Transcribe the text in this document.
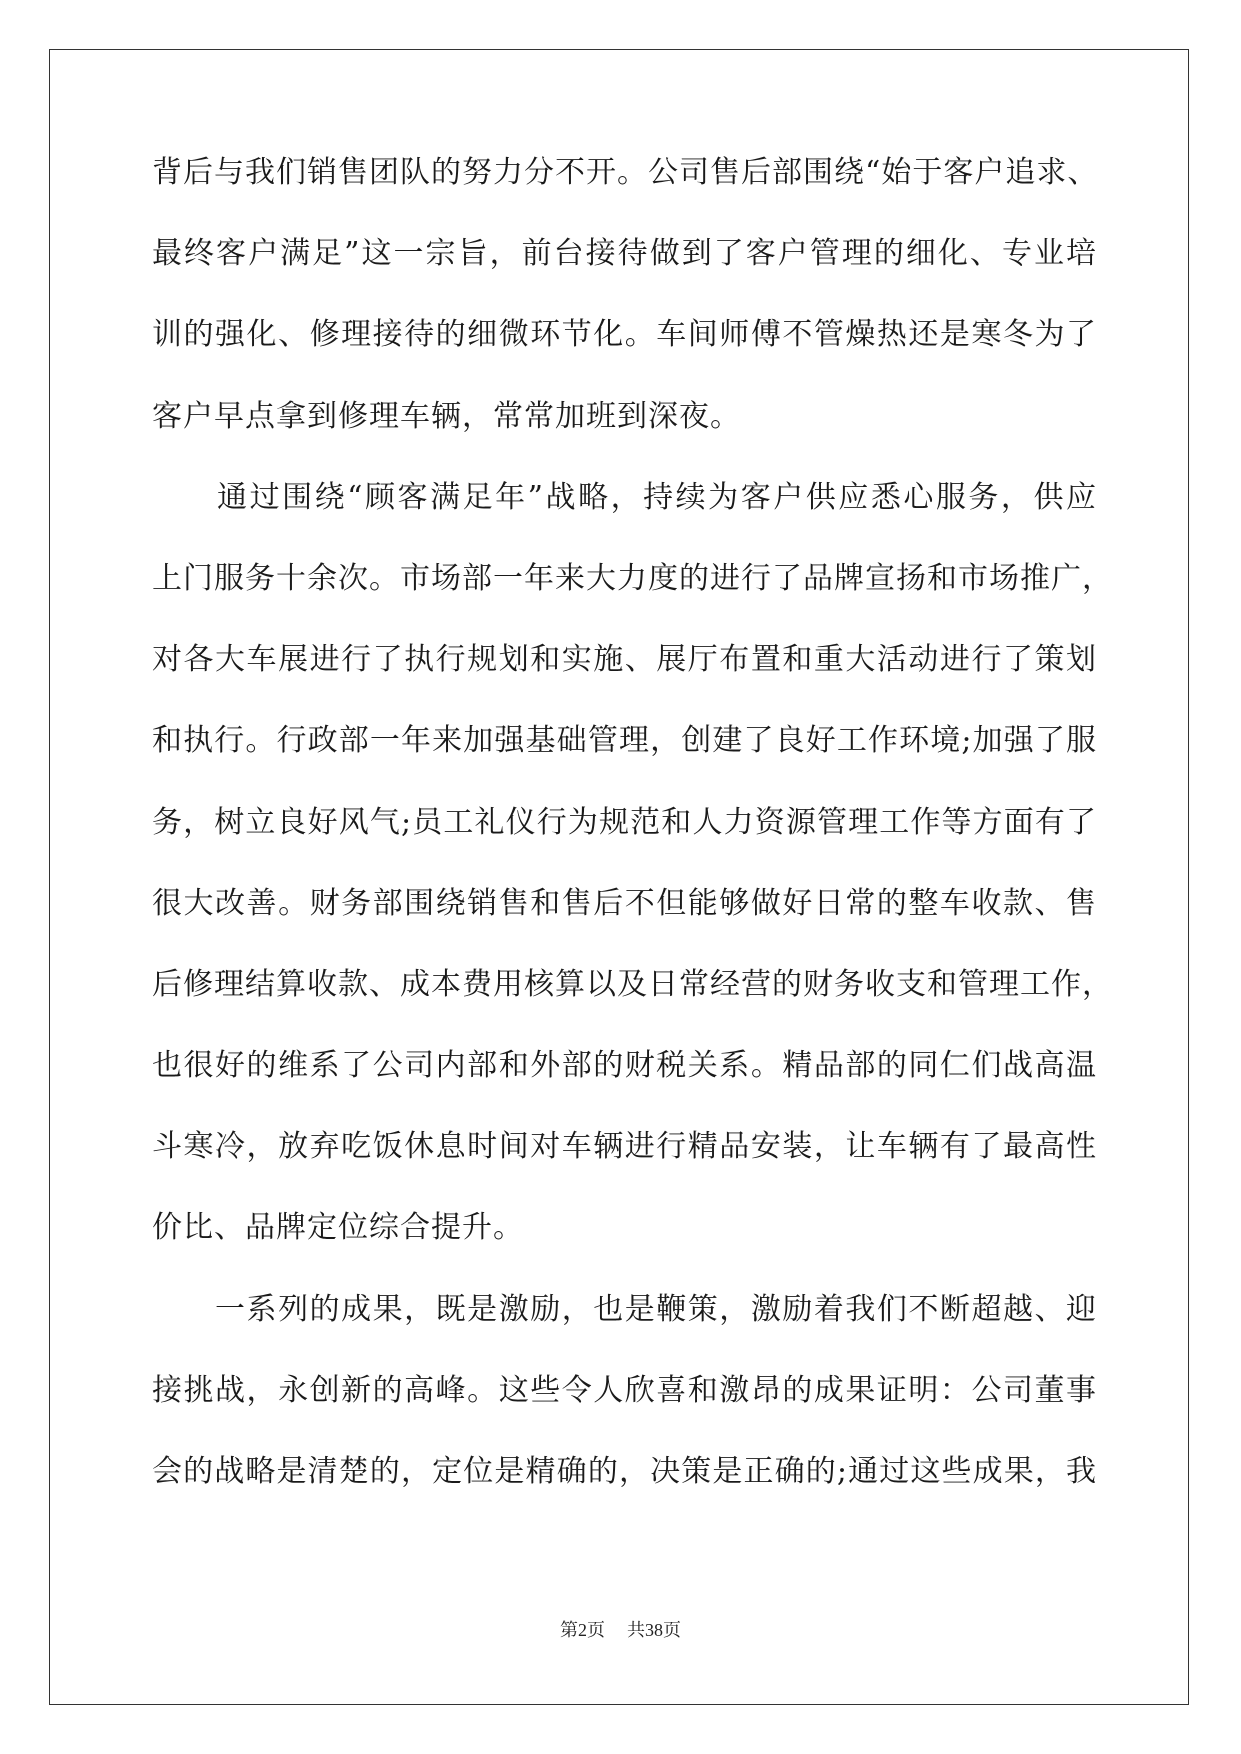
背后与我们销售团队的努力分不开。公司售后部围绕“始于客户追求、
最终客户满足”这一宗旨，前台接待做到了客户管理的细化、专业培
训的强化、修理接待的细微环节化。车间师傅不管燥热还是寒冬为了
客户早点拿到修理车辆，常常加班到深夜。
　　通过围绕“顾客满足年”战略，持续为客户供应悉心服务，供应
上门服务十余次。市场部一年来大力度的进行了品牌宣扬和市场推广，
对各大车展进行了执行规划和实施、展厅布置和重大活动进行了策划
和执行。行政部一年来加强基础管理，创建了良好工作环境;加强了服
务，树立良好风气;员工礼仪行为规范和人力资源管理工作等方面有了
很大改善。财务部围绕销售和售后不但能够做好日常的整车收款、售
后修理结算收款、成本费用核算以及日常经营的财务收支和管理工作，
也很好的维系了公司内部和外部的财税关系。精品部的同仁们战高温
斗寒冷，放弃吃饭休息时间对车辆进行精品安装，让车辆有了最高性
价比、品牌定位综合提升。
　　一系列的成果，既是激励，也是鞭策，激励着我们不断超越、迎
接挑战，永创新的高峰。这些令人欣喜和激昂的成果证明：公司董事
会的战略是清楚的，定位是精确的，决策是正确的;通过这些成果，我
第2页 共38页
